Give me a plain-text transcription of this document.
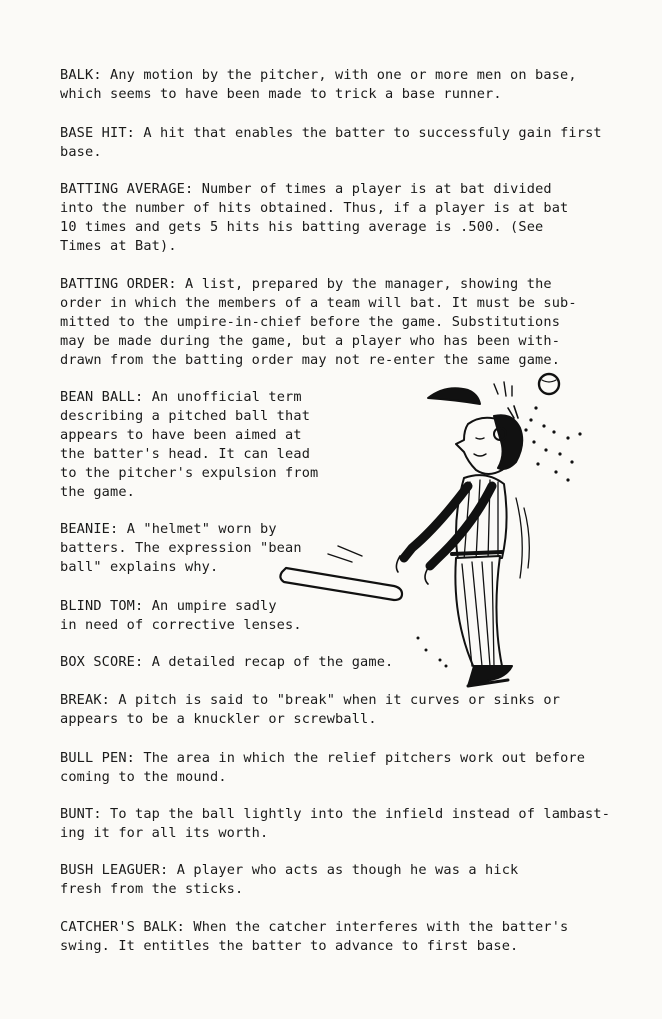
BALK: Any motion by the pitcher, with one or more men on base,
which seems to have been made to trick a base runner.
BASE HIT: A hit that enables the batter to successfuly gain first
base.
BATTING AVERAGE: Number of times a player is at bat divided
into the number of hits obtained. Thus, if a player is at bat
10 times and gets 5 hits his batting average is .500. (See
Times at Bat).
BATTING ORDER: A list, prepared by the manager, showing the
order in which the members of a team will bat. It must be sub-
mitted to the umpire-in-chief before the game. Substitutions
may be made during the game, but a player who has been with-
drawn from the batting order may not re-enter the same game.
BEAN BALL: An unofficial term
describing a pitched ball that
appears to have been aimed at
the batter's head. It can lead
to the pitcher's expulsion from
the game.
BEANIE: A "helmet" worn by
batters. The expression "bean
ball" explains why.
BLIND TOM: An umpire sadly
in need of corrective lenses.
BOX SCORE: A detailed recap of the game.
BREAK: A pitch is said to "break" when it curves or sinks or
appears to be a knuckler or screwball.
BULL PEN: The area in which the relief pitchers work out before
coming to the mound.
BUNT: To tap the ball lightly into the infield instead of lambast-
ing it for all its worth.
BUSH LEAGUER: A player who acts as though he was a hick
fresh from the sticks.
CATCHER'S BALK: When the catcher interferes with the batter's
swing. It entitles the batter to advance to first base.
